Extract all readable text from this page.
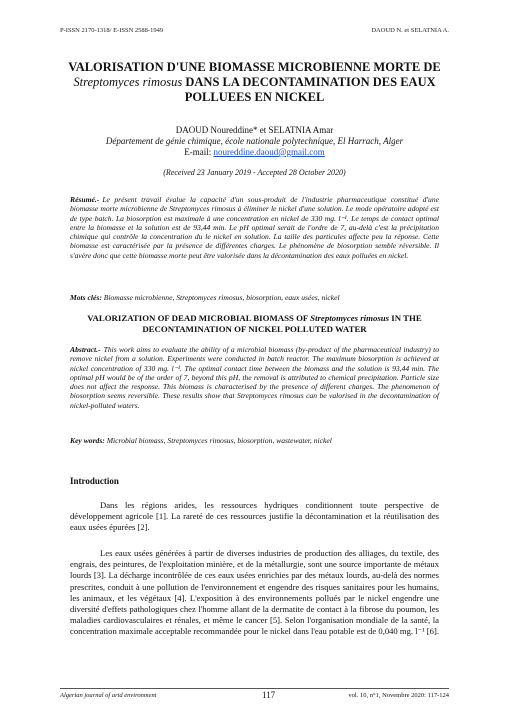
P-ISSN 2170-1318/ E-ISSN 2588-1949	DAOUD N. et SELATNIA A.
VALORISATION D'UNE BIOMASSE MICROBIENNE MORTE DE
Streptomyces rimosus DANS LA DECONTAMINATION DES EAUX
POLLUEES EN NICKEL
DAOUD Noureddine* et SELATNIA Amar
Département de génie chimique, école nationale polytechnique, El Harrach, Alger
E-mail: noureddine.daoud@gmail.com
(Received 23 January 2019 - Accepted 28 October 2020)
Résumé.- Le présent travail évalue la capacité d'un sous-produit de l'industrie pharmaceutique constitué d'une biomasse morte microbienne de Streptomyces rimosus à éliminer le nickel d'une solution. Le mode opératoire adopté est de type batch. La biosorption est maximale à une concentration en nickel de 330 mg. l⁻¹. Le temps de contact optimal entre la biomasse et la solution est de 93,44 min. Le pH optimal serait de l'ordre de 7, au-delà c'est la précipitation chimique qui contrôle la concentration du le nickel en solution. La taille des particules affecte peu la réponse. Cette biomasse est caractérisée par la présence de différentes charges. Le phénomène de biosorption semble réversible. Il s'avère donc que cette biomasse morte peut être valorisée dans la décontamination des eaux polluées en nickel.
Mots clés: Biomasse microbienne, Streptomyces rimosus, biosorption, eaux usées, nickel
VALORIZATION OF DEAD MICROBIAL BIOMASS OF Streptomyces rimosus IN THE
DECONTAMINATION OF NICKEL POLLUTED WATER
Abstract.- This work aims to evaluate the ability of a microbial biomass (by-product of the pharmaceutical industry) to remove nickel from a solution. Experiments were conducted in batch reactor. The maximum biosorption is achieved at nickel concentration of 330 mg. l⁻¹. The optimal contact time between the biomass and the solution is 93,44 min. The optimal pH would be of the order of 7, beyond this pH, the removal is attributed to chemical precipitation. Particle size does not affect the response. This biomass is characterised by the presence of different charges. The phenomenon of biosorption seems reversible. These results show that Streptomyces rimosus can be valorised in the decontamination of nickel-polluted waters.
Key words: Microbial biomass, Streptomyces rimosus, biosorption, wastewater, nickel
Introduction
Dans les régions arides, les ressources hydriques conditionnent toute perspective de développement agricole [1]. La rareté de ces ressources justifie la décontamination et la réutilisation des eaux usées épurées [2].
Les eaux usées générées à partir de diverses industries de production des alliages, du textile, des engrais, des peintures, de l'exploitation minière, et de la métallurgie, sont une source importante de métaux lourds [3]. La décharge incontrôlée de ces eaux usées enrichies par des métaux lourds, au-delà des normes prescrites, conduit à une pollution de l'environnement et engendre des risques sanitaires pour les humains, les animaux, et les végétaux [4]. L'exposition à des environnements pollués par le nickel engendre une diversité d'effets pathologiques chez l'homme allant de la dermatite de contact à la fibrose du poumon, les maladies cardiovasculaires et rénales, et même le cancer [5]. Selon l'organisation mondiale de la santé, la concentration maximale acceptable recommandée pour le nickel dans l'eau potable est de 0,040 mg. l⁻¹ [6].
Algerian journal of arid environment	117	vol. 10, n°1, Novembre 2020: 117-124
